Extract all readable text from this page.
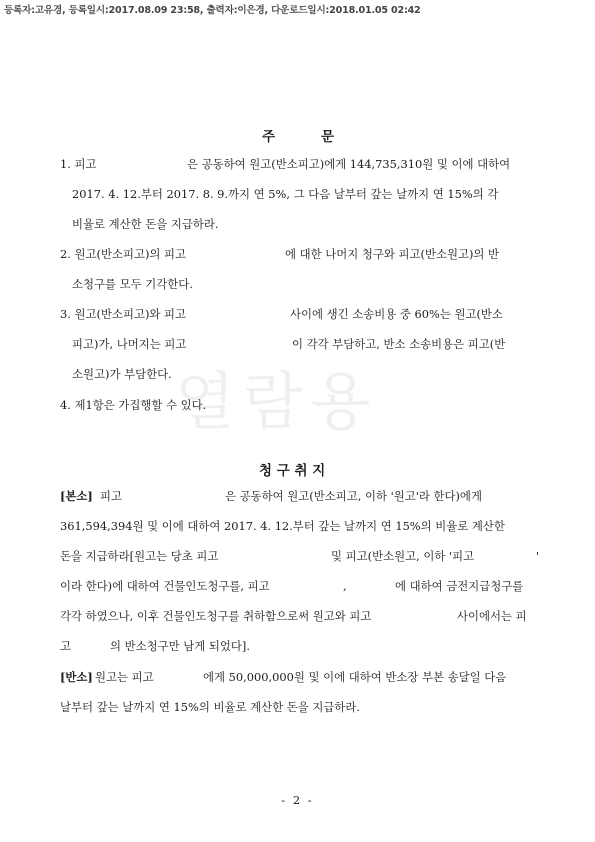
등록자:고유경, 등록일시:2017.08.09 23:58, 출력자:이은경, 다운로드일시:2018.01.05 02:42
열람용
주	문
1. 피고	은 공동하여 원고(반소피고)에게 144,735,310원 및 이에 대하여
2017. 4. 12.부터 2017. 8. 9.까지 연 5%, 그 다음 날부터 갚는 날까지 연 15%의 각
비율로 계산한 돈을 지급하라.
2. 원고(반소피고)의 피고	에 대한 나머지 청구와 피고(반소원고)의 반
소청구를 모두 기각한다.
3. 원고(반소피고)와 피고	사이에 생긴 소송비용 중 60%는 원고(반소
피고)가, 나머지는 피고	이 각각 부담하고, 반소 소송비용은 피고(반
소원고)가 부담한다.
4. 제1항은 가집행할 수 있다.
청 구 취 지
[본소] 피고	은 공동하여 원고(반소피고, 이하 '원고'라 한다)에게
361,594,394원 및 이에 대하여 2017. 4. 12.부터 갚는 날까지 연 15%의 비율로 계산한
돈을 지급하라[원고는 당초 피고	및 피고(반소원고, 이하 '피고	'
이라 한다)에 대하여 건물인도청구를, 피고	,	에 대하여 금전지급청구를
각각 하였으나, 이후 건물인도청구를 취하함으로써 원고와 피고	사이에서는 피
고	의 반소청구만 남게 되었다].
[반소] 원고는 피고	에게 50,000,000원 및 이에 대하여 반소장 부본 송달일 다음
날부터 갚는 날까지 연 15%의 비율로 계산한 돈을 지급하라.
- 2 -
